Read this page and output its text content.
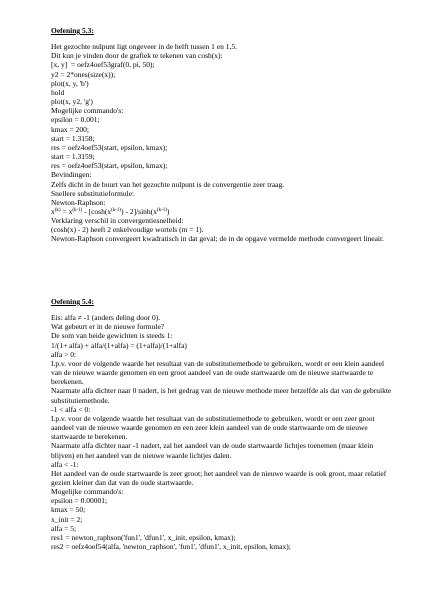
Oefening 5.3:
Het gezochte nulpunt ligt ongeveer in de helft tussen 1 en 1,5.
Dit kun je vinden door de grafiek te tekenen van cosh(x):
[x, y]  = oefz4oef53graf(0, pi, 50);
y2 = 2*ones(size(x));
plot(x, y, 'b')
hold
plot(x, y2, 'g')
Mogelijke commando's:
epsilon = 0.001;
kmax = 200;
start = 1.3158;
res = oefz4oef53(start, epsilon, kmax);
start = 1.3159;
res = oefz4oef53(start, epsilon, kmax);
Bevindingen:
Zelfs dicht in de buurt van het gezochte nulpunt is de convergentie zeer traag.
Snellere substitutieformule:
Newton-Raphson:
$x^{(k)} = x^{(k-1)} - [\cosh(x^{(k-1)}) - 2]/\sinh(x^{(k-1)})$
Verklaring verschil in convergentiesnelheid:
(cosh(x) - 2) heeft 2 enkelvoudige wortels (m = 1).
Newton-Raphson convergeert kwadratisch in dat geval; de in de opgave vermelde methode convergeert lineair.
Oefening 5.4:
Eis: alfa ≠ -1 (anders deling door 0).
Wat gebeurt er in de nieuwe formule?
De som van beide gewichten is steeds 1:
1/(1+ alfa) + alfa/(1+alfa) = (1+alfa)/(1+alfa)
alfa > 0:
I.p.v. voor de volgende waarde het resultaat van de substitutiemethode te gebruiken, wordt er een klein aandeel van de nieuwe waarde genomen en een groot aandeel van de oude startwaarde om de nieuwe startwaarde te berekenen.
Naarmate alfa dichter naar 0 nadert, is het gedrag van de nieuwe methode meer hetzelfde als dat van de gebruikte substitutiemethode.
-1 < alfa < 0:
I.p.v. voor de volgende waarde het resultaat van de substitutiemethode te gebruiken, wordt er een zeer groot aandeel van de nieuwe waarde genomen en een zeer klein aandeel van de oude startwaarde om de nieuwe startwaarde te berekenen.
Naarmate alfa dichter naar -1 nadert, zal het aandeel van de oude startwaarde lichtjes toenemen (maar klein blijven) en het aandeel van de nieuwe waarde lichtjes dalen.
alfa < -1:
Het aandeel van de oude startwaarde is zeer groot; het aandeel van de nieuwe waarde is ook groot, maar relatief gezien kleiner dan dat van de oude startwaarde.
Mogelijke commando's:
epsilon = 0.00001;
kmax = 50;
x_init = 2;
alfa = 5;
res1 = newton_raphson('fun1', 'dfun1', x_init, epsilon, kmax);
res2 = oefz4oef54(alfa, 'newton_raphson', 'fun1', 'dfun1', x_init, epsilon, kmax);
